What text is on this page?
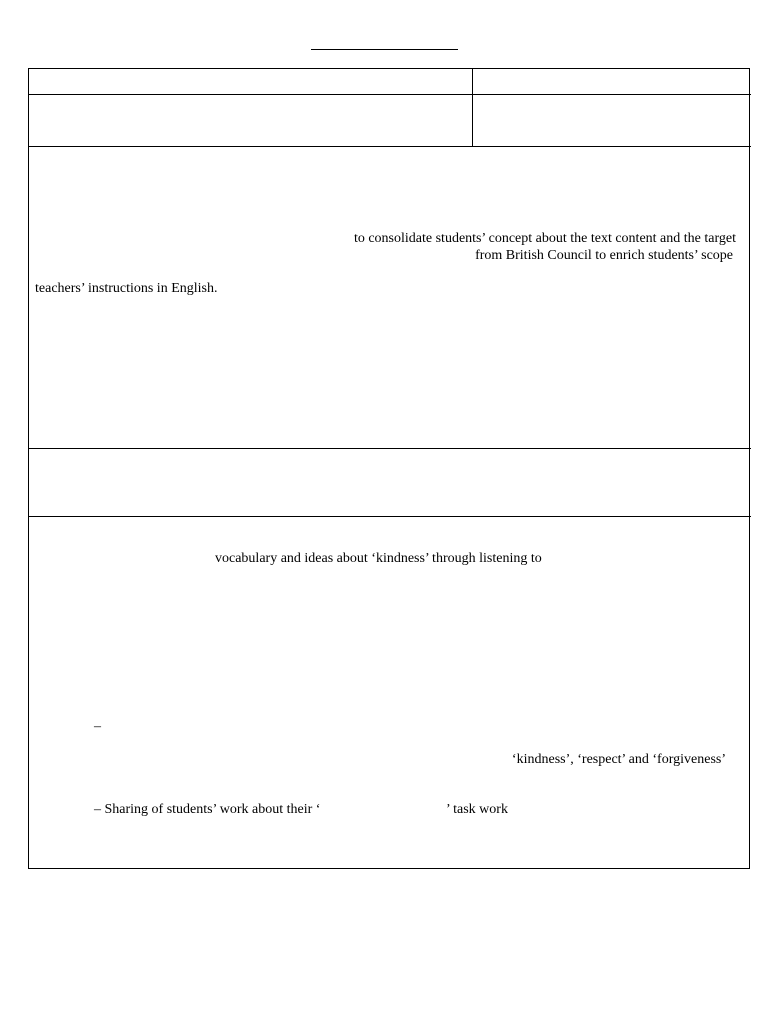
to consolidate students’ concept about the text content and the target
from British Council to enrich students’ scope
teachers’ instructions in English.
vocabulary and ideas about ‘kindness’ through listening to
–
‘kindness’, ‘respect’ and ‘forgiveness’
– Sharing of students’ work about their ‘	’ task work
